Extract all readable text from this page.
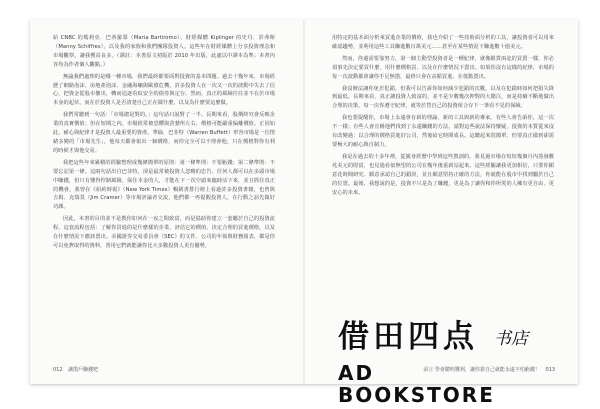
給 CNBC 的瑪莉亞．巴蒂羅慕（Maria Bartiromo）、財經媒體 Kiplinger 的史丹．許弗斯（Manny Schiffres），以及我的家族和我們團隊投資人。這些年在財經媒體上分享投資理念和市場觀察，讓我獲益良多。（譯註：本書原文初版於 2010 年出版，此處以中譯本為準；本書內容均為作者個人觀點。）

無論我們處理的是哪一種市場，我們最終都要面對投資的基本問題。過去十幾年來，市場經歷了網路泡沫、房地產泡沫、金融海嘯與歐債危機，許多投資人在一次又一次的波動中失去了信心，把資金從股市撤出，轉而追逐看似安全的債券與定存。然而，真正的風險往往並不在於市場本身的起伏，而在於投資人是否清楚自己正在做什麼，以及為什麼要這麼做。

我們常聽到一句話：「市場總是對的。」這句話只說對了一半。長期來看，股價終究會反映企業的真實價值；但在短期之內，市場經常被恐懼與貪婪所左右，價格可能嚴重偏離價值。正因如此，耐心與紀律才是投資人最重要的資產。華倫．巴菲特（Warren Buffett）形容市場是一位情緒多變的「市場先生」，他每天都會報出一個價格，而你完全可以不理會他，只在價格對你有利的時候才與他交易。

我把這些年來累積的經驗整理成幾條簡單的原則：第一條準則：不要虧錢；第二條準則：不要忘記第一條。這兩句話出自巴菲特，卻是最常被投資人忽略的忠告。任何人都可以在多頭市場中賺錢，但只有懂得控制風險、保住本金的人，才能在下一次空頭來臨時活下來，並且抓住真正的機會。我曾在《紐約時報》（New York Times）暢銷書排行榜上看過許多投資書籍，也曾與吉姆．克瑞莫（Jim Cramer）等市場評論者交流，他們都一再提醒投資人，在行動之前先做好功課。

因此，本書的目的並不是教你如何在一夜之間致富，而是協助你建立一套屬於自己的投資流程。這套流程包括：了解你買進的是什麼樣的企業、評估它的價值、決定合理的買進價格，以及在什麼情況下應該賣出。美國證券交易委員會（SEC）的文件、公司的年報與財務報表，都是你可以免費取得的資料，善用它們就能讓你比大多數投資人更有優勢。

012 讓散戶賺錢吧

用特定的基本面分析來買進企業的價值，我也介紹了一些技術面分析的工具，讓投資者可以用來確認趨勢，並利用這些工具賺進數百萬美元……甚至在某些情況下賺進數十億美元。

然而，你還需要靠努力，第一個主動型投資者是一種紀律，就像銀貨兩訖的買賣一樣，你必須事先決定要買什麼、用什麼價格買、以及在什麼情況下賣出。如果你沒有這樣的紀律，市場的每一次波動都會讓你手足無措，最終只會在高點買進、在低點賣出。

我沒辦法讓你免於犯錯，但我可以告訴你如何減少犯錯的次數，以及在犯錯時如何把損失降到最低。長期來看，真正讓投資人致富的，並不是少數幾次押對的大賭注，而是持續不斷地做出合理的決策。每一次你遵守紀律，就等於替自己的投資組合存下一筆看不見的保險。

我也要提醒你，市場上永遠會有新的理論、新的工具與新的專家。有些人會告訴你，這一次不一樣；有些人會宣稱他們找到了永遠賺錢的方法。請對這些說法保持懷疑。投資的本質從來沒有改變過：以合理的價格買進好公司，然後給它時間成長。這聽起來很簡單，但要真正做到卻需要極大的耐心與自制力。

我是在過去的十多年裡，從親身經歷中學到這些教訓的。我見過市場在短短幾個月內蒸發數兆美元的財富，也見過看似無望的公司在幾年後重新站起來。這些經驗讓我更加相信，只要你願意花時間研究、願意承認自己的錯誤，並且願意堅持正確的方法，你就能在股市中找到屬於自己的位置。最後，我想說的是，投資不只是為了賺錢，更是為了讓你和你所愛的人擁有更自由、更安心的未來。

前言 學會聰明獲利，讓你靠自己就能永遠不怕虧錢！ 013
借田四点 书店
AD BOOKSTORE
